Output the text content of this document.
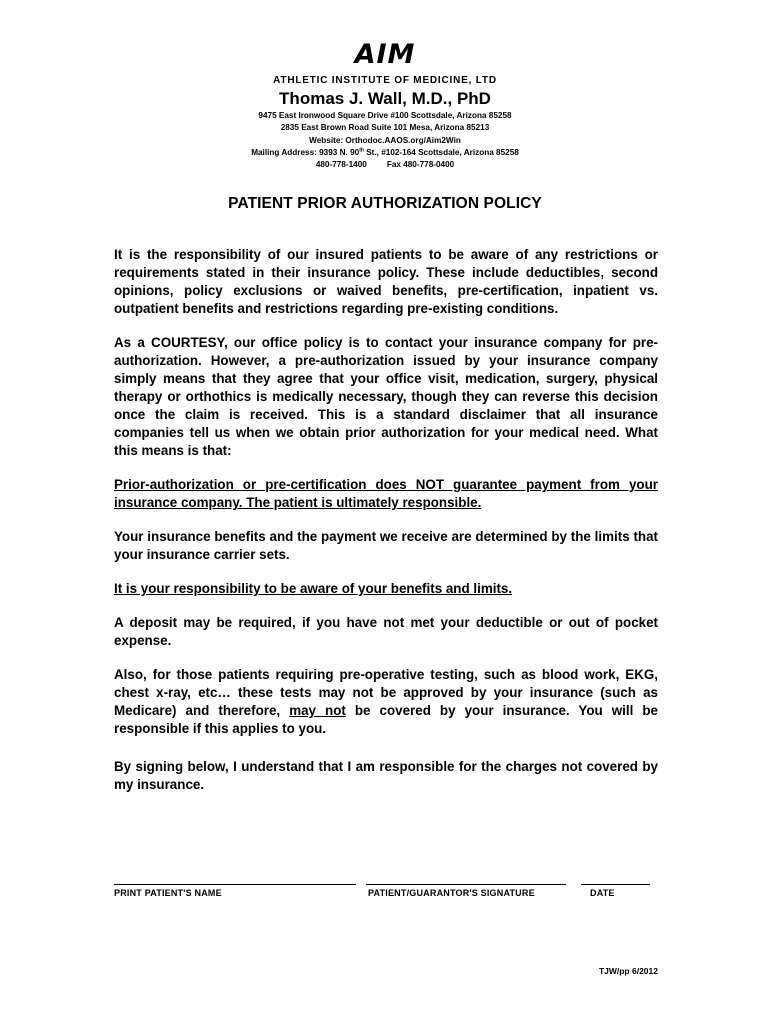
AIM
ATHLETIC INSTITUTE OF MEDICINE, LTD
Thomas J. Wall, M.D., PhD
9475 East Ironwood Square Drive #100 Scottsdale, Arizona 85258
2835 East Brown Road Suite 101 Mesa, Arizona 85213
Website: Orthodoc.AAOS.org/Aim2Win
Mailing Address: 9393 N. 90th St., #102-164 Scottsdale, Arizona 85258
480-778-1400 Fax 480-778-0400
PATIENT PRIOR AUTHORIZATION POLICY

It is the responsibility of our insured patients to be aware of any restrictions or requirements stated in their insurance policy. These include deductibles, second opinions, policy exclusions or waived benefits, pre-certification, inpatient vs. outpatient benefits and restrictions regarding pre-existing conditions.

As a COURTESY, our office policy is to contact your insurance company for pre-authorization. However, a pre-authorization issued by your insurance company simply means that they agree that your office visit, medication, surgery, physical therapy or orthothics is medically necessary, though they can reverse this decision once the claim is received. This is a standard disclaimer that all insurance companies tell us when we obtain prior authorization for your medical need. What this means is that:

Prior-authorization or pre-certification does NOT guarantee payment from your insurance company. The patient is ultimately responsible.

Your insurance benefits and the payment we receive are determined by the limits that your insurance carrier sets.

It is your responsibility to be aware of your benefits and limits.

A deposit may be required, if you have not met your deductible or out of pocket expense.

Also, for those patients requiring pre-operative testing, such as blood work, EKG, chest x-ray, etc… these tests may not be approved by your insurance (such as Medicare) and therefore, may not be covered by your insurance. You will be responsible if this applies to you.

By signing below, I understand that I am responsible for the charges not covered by my insurance.

PRINT PATIENT'S NAME	PATIENT/GUARANTOR'S SIGNATURE	DATE
TJW/pp 6/2012
